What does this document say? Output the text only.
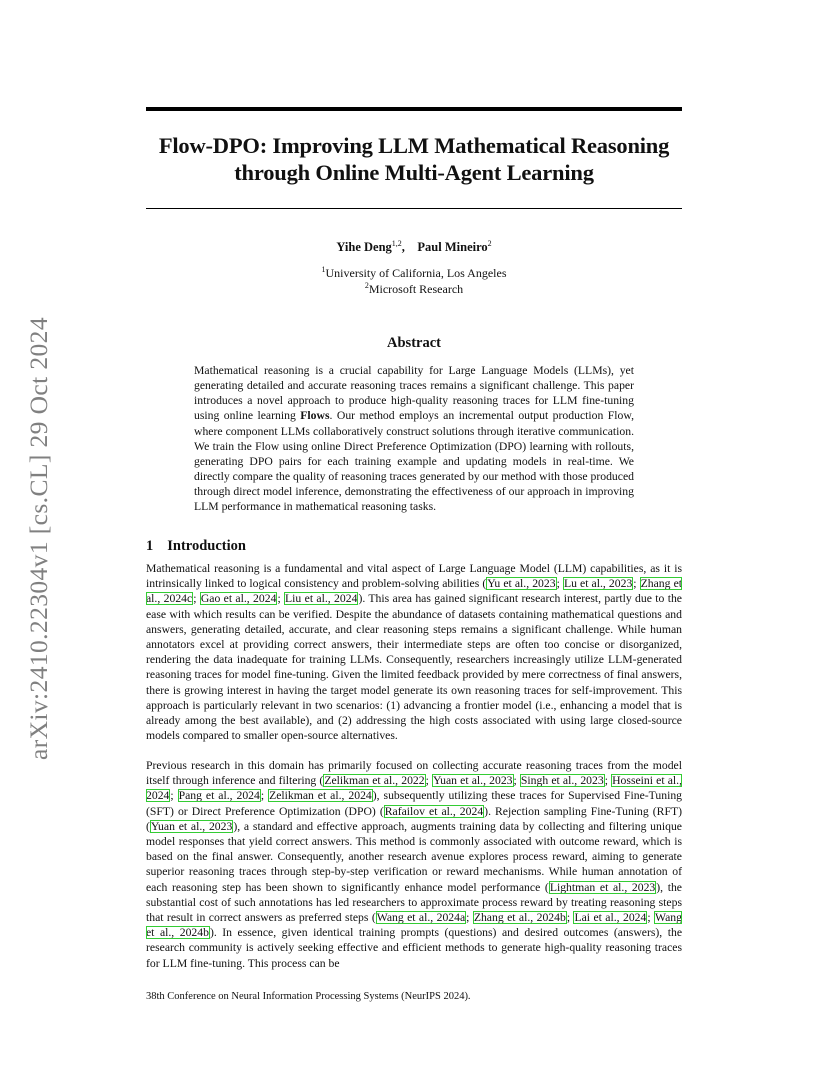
arXiv:2410.22304v1 [cs.CL] 29 Oct 2024
Flow-DPO: Improving LLM Mathematical Reasoning
through Online Multi-Agent Learning
Yihe Deng$^{1,2}$,    Paul Mineiro$^2$
$^1$University of California, Los Angeles
$^2$Microsoft Research
Abstract
Mathematical reasoning is a crucial capability for Large Language Models (LLMs), yet generating detailed and accurate reasoning traces remains a significant challenge. This paper introduces a novel approach to produce high-quality reasoning traces for LLM fine-tuning using online learning Flows. Our method employs an incremental output production Flow, where component LLMs collaboratively construct solutions through iterative communication. We train the Flow using online Direct Preference Optimization (DPO) learning with rollouts, generating DPO pairs for each training example and updating models in real-time. We directly compare the quality of reasoning traces generated by our method with those produced through direct model inference, demonstrating the effectiveness of our approach in improving LLM performance in mathematical reasoning tasks.
1 Introduction
Mathematical reasoning is a fundamental and vital aspect of Large Language Model (LLM) capabilities, as it is intrinsically linked to logical consistency and problem-solving abilities (Yu et al., 2023; Lu et al., 2023; Zhang et al., 2024c; Gao et al., 2024; Liu et al., 2024). This area has gained significant research interest, partly due to the ease with which results can be verified. Despite the abundance of datasets containing mathematical questions and answers, generating detailed, accurate, and clear reasoning steps remains a significant challenge. While human annotators excel at providing correct answers, their intermediate steps are often too concise or disorganized, rendering the data inadequate for training LLMs. Consequently, researchers increasingly utilize LLM-generated reasoning traces for model fine-tuning. Given the limited feedback provided by mere correctness of final answers, there is growing interest in having the target model generate its own reasoning traces for self-improvement. This approach is particularly relevant in two scenarios: (1) advancing a frontier model (i.e., enhancing a model that is already among the best available), and (2) addressing the high costs associated with using large closed-source models compared to smaller open-source alternatives.
Previous research in this domain has primarily focused on collecting accurate reasoning traces from the model itself through inference and filtering (Zelikman et al., 2022; Yuan et al., 2023; Singh et al., 2023; Hosseini et al., 2024; Pang et al., 2024; Zelikman et al., 2024), subsequently utilizing these traces for Supervised Fine-Tuning (SFT) or Direct Preference Optimization (DPO) (Rafailov et al., 2024). Rejection sampling Fine-Tuning (RFT) (Yuan et al., 2023), a standard and effective approach, augments training data by collecting and filtering unique model responses that yield correct answers. This method is commonly associated with outcome reward, which is based on the final answer. Consequently, another research avenue explores process reward, aiming to generate superior reasoning traces through step-by-step verification or reward mechanisms. While human annotation of each reasoning step has been shown to significantly enhance model performance (Lightman et al., 2023), the substantial cost of such annotations has led researchers to approximate process reward by treating reasoning steps that result in correct answers as preferred steps (Wang et al., 2024a; Zhang et al., 2024b; Lai et al., 2024; Wang et al., 2024b). In essence, given identical training prompts (questions) and desired outcomes (answers), the research community is actively seeking effective and efficient methods to generate high-quality reasoning traces for LLM fine-tuning. This process can be
38th Conference on Neural Information Processing Systems (NeurIPS 2024).
